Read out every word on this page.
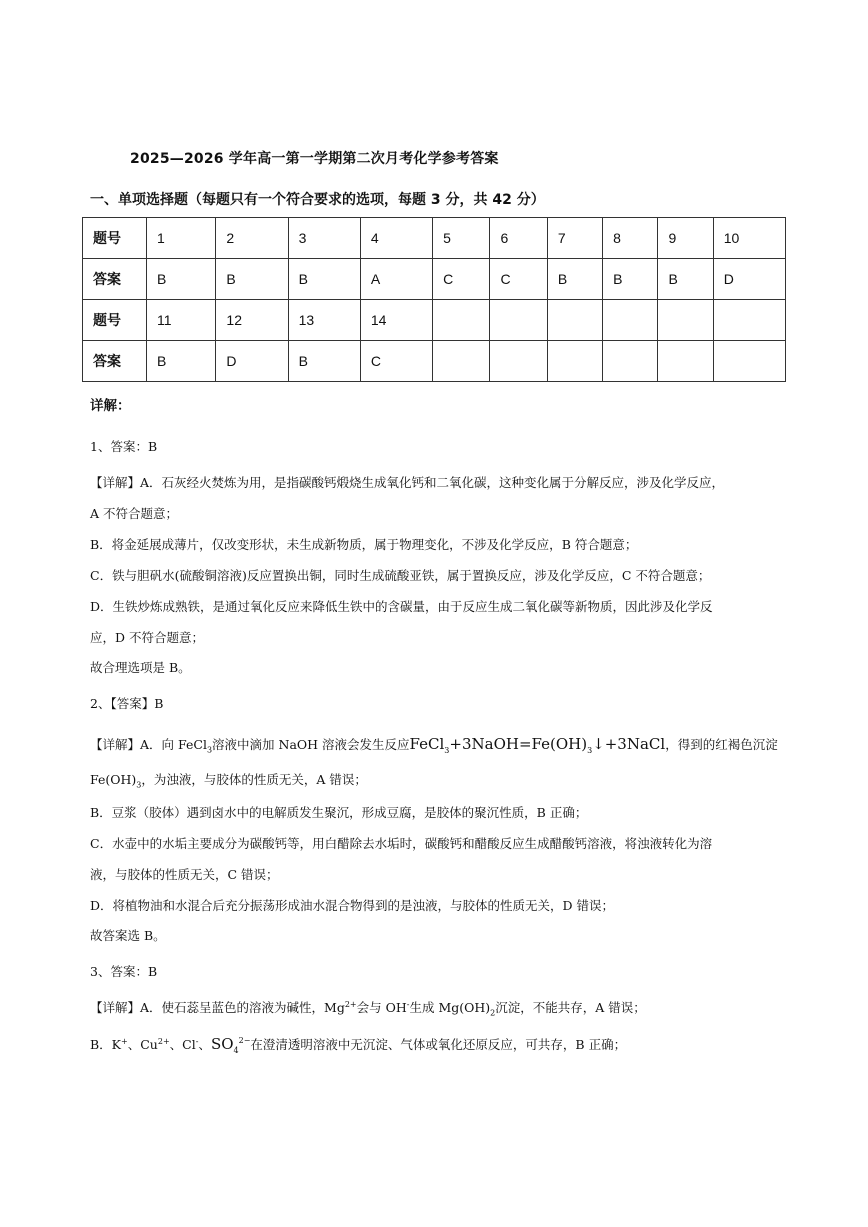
2025—2026 学年高一第一学期第二次月考化学参考答案
一、单项选择题（每题只有一个符合要求的选项，每题 3 分，共 42 分）
题号	1	2	3	4	5	6	7	8	9	10
答案	B	B	B	A	C	C	B	B	B	D
题号	11	12	13	14						
答案	B	D	B	C						
详解：
1、答案：B
【详解】A．石灰经火焚炼为用，是指碳酸钙煅烧生成氧化钙和二氧化碳，这种变化属于分解反应，涉及化学反应，
A 不符合题意；
B．将金延展成薄片，仅改变形状，未生成新物质，属于物理变化，不涉及化学反应，B 符合题意；
C．铁与胆矾水(硫酸铜溶液)反应置换出铜，同时生成硫酸亚铁，属于置换反应，涉及化学反应，C 不符合题意；
D．生铁炒炼成熟铁，是通过氧化反应来降低生铁中的含碳量，由于反应生成二氧化碳等新物质，因此涉及化学反
应，D 不符合题意；
故合理选项是 B。
2、【答案】B
【详解】A．向 FeCl$_3$溶液中滴加 NaOH 溶液会发生反应$FeCl_3+3NaOH=Fe(OH)_3↓+3NaCl$，得到的红褐色沉淀
$Fe(OH)_3$，为浊液，与胶体的性质无关，A 错误；
B．豆浆（胶体）遇到卤水中的电解质发生聚沉，形成豆腐，是胶体的聚沉性质，B 正确；
C．水壶中的水垢主要成分为碳酸钙等，用白醋除去水垢时，碳酸钙和醋酸反应生成醋酸钙溶液，将浊液转化为溶
液，与胶体的性质无关，C 错误；
D．将植物油和水混合后充分振荡形成油水混合物得到的是浊液，与胶体的性质无关，D 错误；
故答案选 B。
3、答案：B
【详解】A．使石蕊呈蓝色的溶液为碱性，$Mg^{2+}$会与 OH-生成 $Mg(OH)_2$沉淀，不能共存，A 错误；
B．K+、$Cu^{2+}$、Cl-、$SO_4^{2-}$在澄清透明溶液中无沉淀、气体或氧化还原反应，可共存，B 正确；
